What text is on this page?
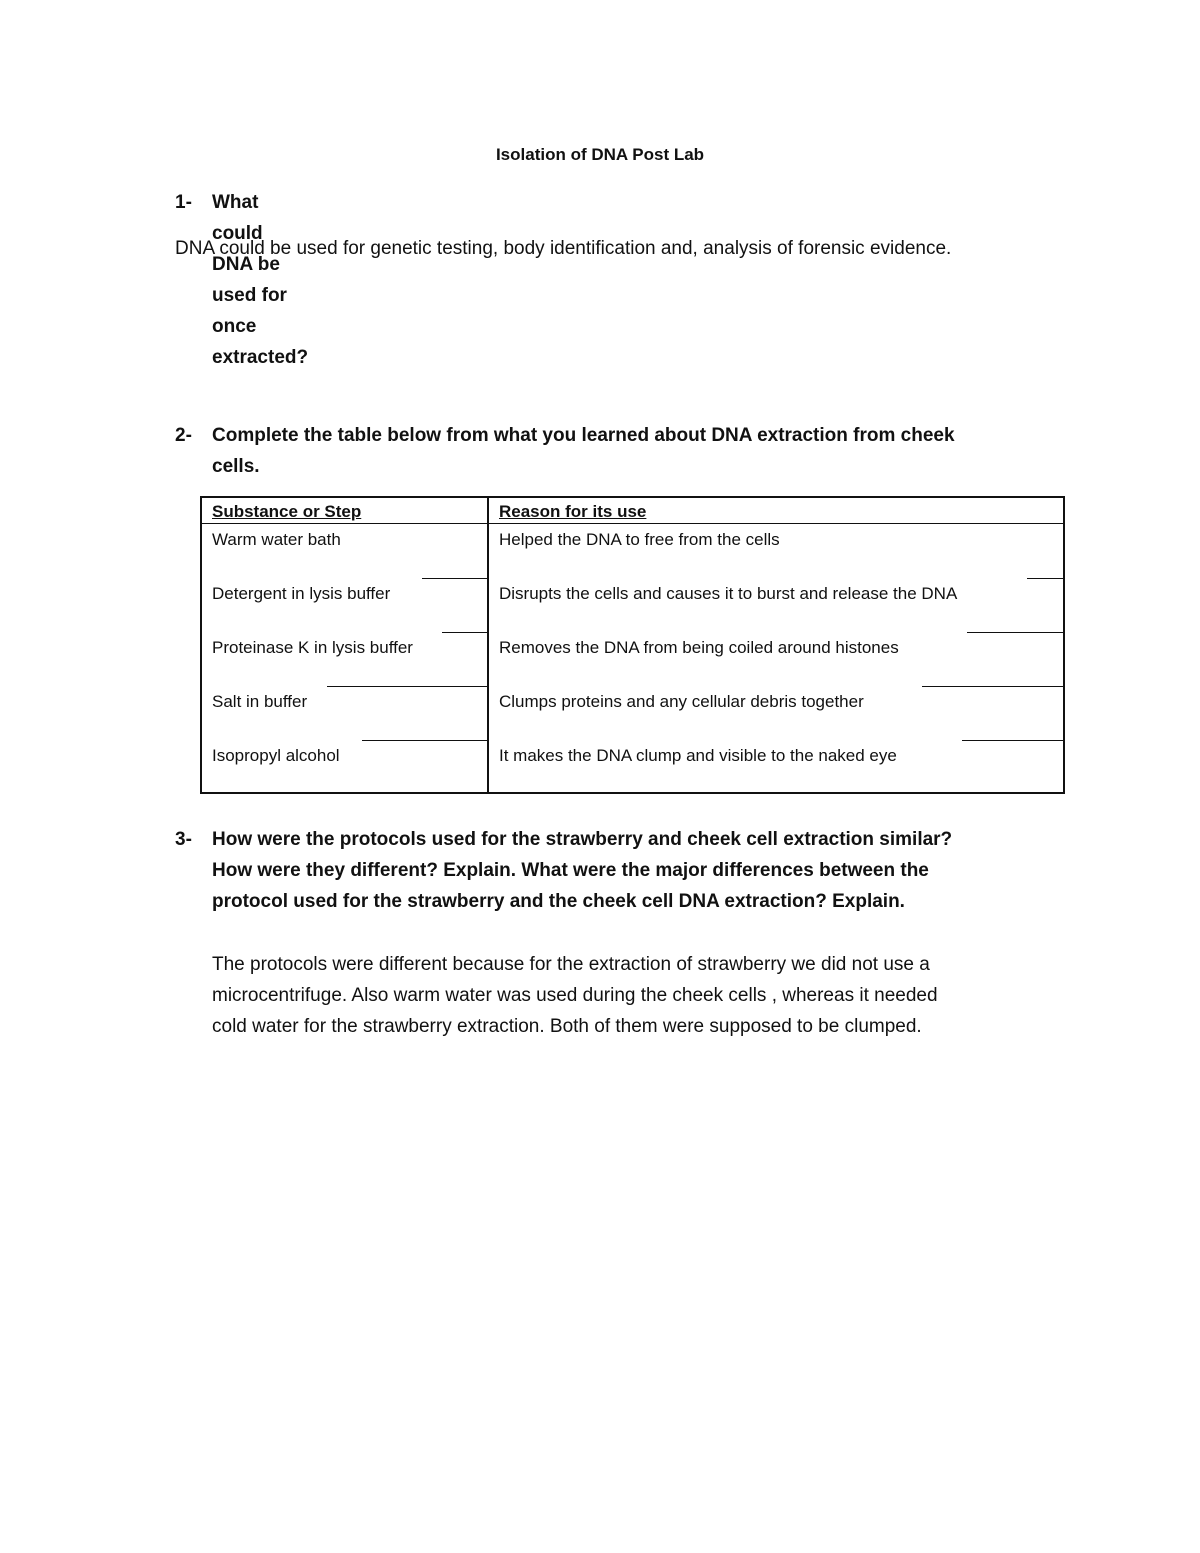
Isolation of DNA Post Lab
1-	What could DNA be used for once extracted?
DNA could be used for genetic testing, body identification and, analysis of forensic evidence.
2-	Complete the table below from what you learned about DNA extraction from cheek
cells.
Substance or Step	Reason for its use
Warm water bath	Helped the DNA to free from the cells
Detergent in lysis buffer	Disrupts the cells and causes it to burst and release the DNA
Proteinase K in lysis buffer	Removes the DNA from being coiled around histones
Salt in buffer	Clumps proteins and any cellular debris together
Isopropyl alcohol	It makes the DNA clump and visible to the naked eye
3-	How were the protocols used for the strawberry and cheek cell extraction similar?
How were they different? Explain. What were the major differences between the
protocol used for the strawberry and the cheek cell DNA extraction? Explain.
The protocols were different because for the extraction of strawberry we did not use a
microcentrifuge. Also warm water was used during the cheek cells , whereas it needed
cold water for the strawberry extraction. Both of them were supposed to be clumped.
